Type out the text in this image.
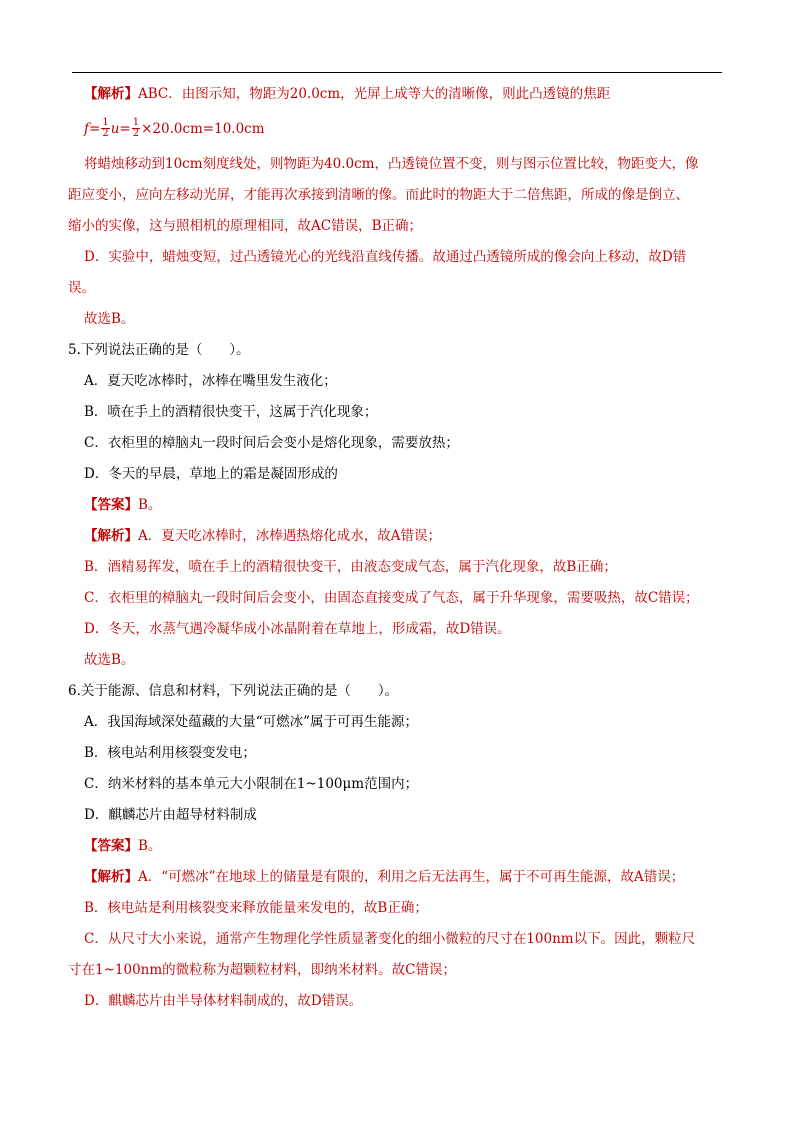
【解析】ABC．由图示知，物距为20.0cm，光屏上成等大的清晰像，则此凸透镜的焦距

$f = \frac{1}{2}$ $u = \frac{1}{2} \times 20.0cm=10.0cm$

将蜡烛移动到10cm刻度线处，则物距为40.0cm，凸透镜位置不变，则与图示位置比较，物距变大，像

距应变小，应向左移动光屏，才能再次承接到清晰的像。而此时的物距大于二倍焦距，所成的像是倒立、

缩小的实像，这与照相机的原理相同，故AC错误，B正确；

D．实验中，蜡烛变短，过凸透镜光心的光线沿直线传播。故通过凸透镜所成的像会向上移动，故D错

误。

故选B。

5.下列说法正确的是（　　）。

A．夏天吃冰棒时，冰棒在嘴里发生液化；

B．喷在手上的酒精很快变干，这属于汽化现象；

C．衣柜里的樟脑丸一段时间后会变小是熔化现象，需要放热；

D．冬天的早晨，草地上的霜是凝固形成的

【答案】B。

【解析】A．夏天吃冰棒时，冰棒遇热熔化成水，故A错误；

B．酒精易挥发，喷在手上的酒精很快变干，由液态变成气态，属于汽化现象，故B正确；

C．衣柜里的樟脑丸一段时间后会变小，由固态直接变成了气态，属于升华现象，需要吸热，故C错误；

D．冬天，水蒸气遇冷凝华成小冰晶附着在草地上，形成霜，故D错误。

故选B。

6.关于能源、信息和材料，下列说法正确的是（　　）。

A．我国海域深处蕴藏的大量“可燃冰”属于可再生能源；

B．核电站利用核裂变发电；

C．纳米材料的基本单元大小限制在1~100μm范围内；

D．麒麟芯片由超导材料制成

【答案】B。

【解析】A．“可燃冰”在地球上的储量是有限的，利用之后无法再生，属于不可再生能源，故A错误；

B．核电站是利用核裂变来释放能量来发电的，故B正确；

C．从尺寸大小来说，通常产生物理化学性质显著变化的细小微粒的尺寸在100nm以下。因此，颗粒尺

寸在1~100nm的微粒称为超颗粒材料，即纳米材料。故C错误；

D．麒麟芯片由半导体材料制成的，故D错误。
